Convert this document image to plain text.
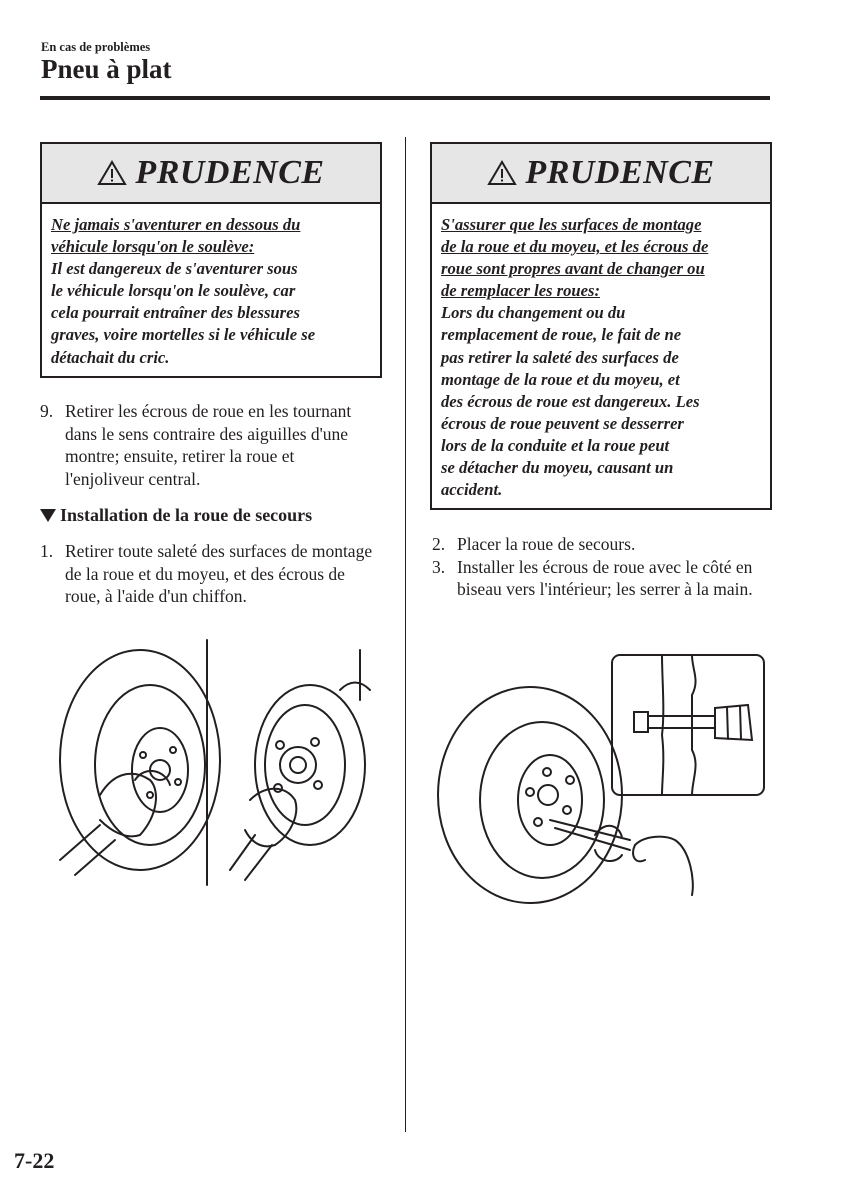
En cas de problèmes
Pneu à plat
PRUDENCE
Ne jamais s'aventurer en dessous du
véhicule lorsqu'on le soulève:
Il est dangereux de s'aventurer sous
le véhicule lorsqu'on le soulève, car
cela pourrait entraîner des blessures
graves, voire mortelles si le véhicule se
détachait du cric.
9. Retirer les écrous de roue en les tournant dans le sens contraire des aiguilles d'une montre; ensuite, retirer la roue et l'enjoliveur central.
Installation de la roue de secours
1. Retirer toute saleté des surfaces de montage de la roue et du moyeu, et des écrous de roue, à l'aide d'un chiffon.
PRUDENCE
S'assurer que les surfaces de montage
de la roue et du moyeu, et les écrous de
roue sont propres avant de changer ou
de remplacer les roues:
Lors du changement ou du
remplacement de roue, le fait de ne
pas retirer la saleté des surfaces de
montage de la roue et du moyeu, et
des écrous de roue est dangereux. Les
écrous de roue peuvent se desserrer
lors de la conduite et la roue peut
se détacher du moyeu, causant un
accident.
2. Placer la roue de secours.
3. Installer les écrous de roue avec le côté en biseau vers l'intérieur; les serrer à la main.
7-22
